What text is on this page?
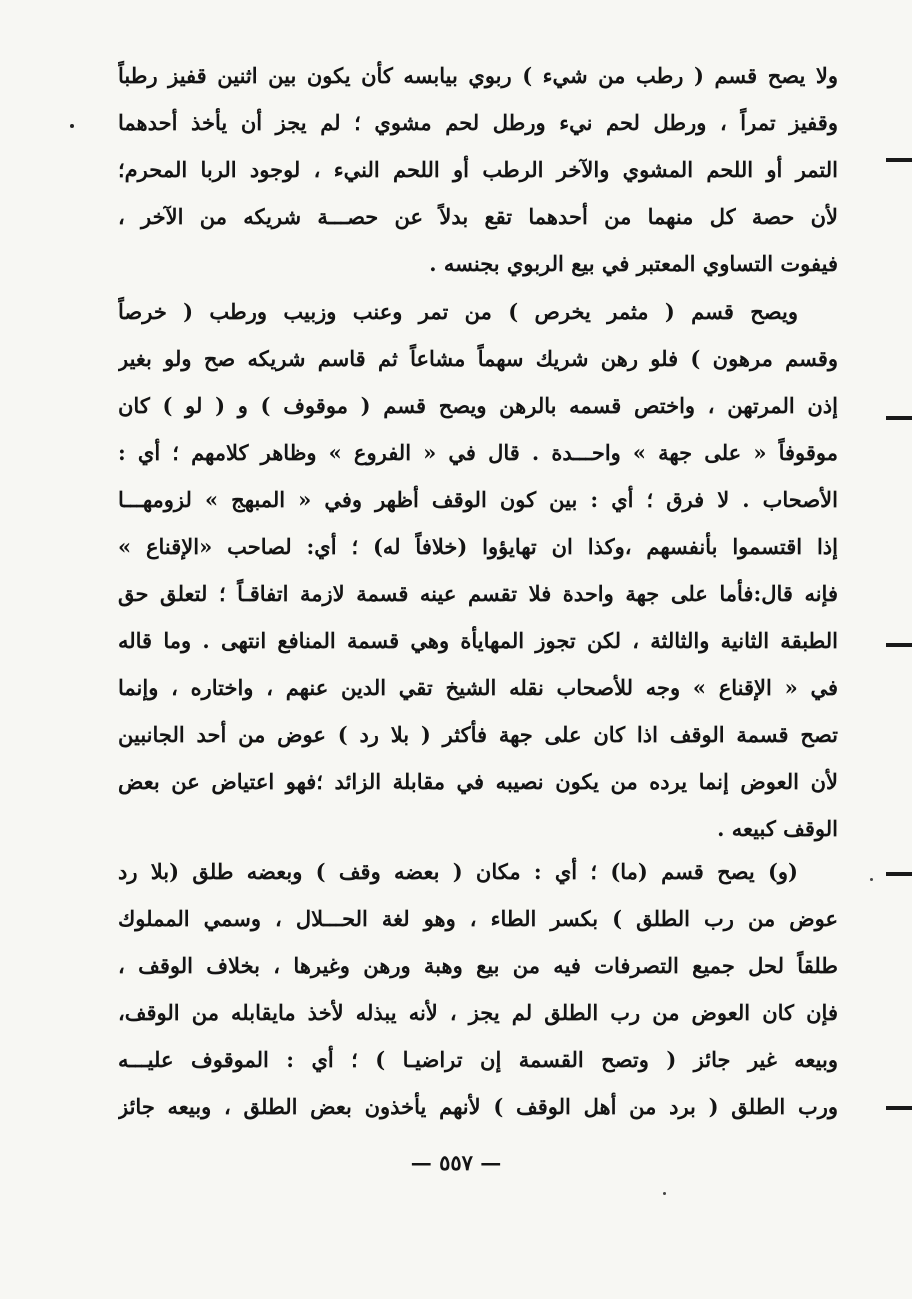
ولا يصح قسم ( رطب من شيء ) ربوي بيابسه كأن يكون بين اثنين قفيز رطباً
وقفيز تمراً ، ورطل لحم نيء ورطل لحم مشوي ؛ لم يجز أن يأخذ أحدهما
التمر أو اللحم المشوي والآخر الرطب أو اللحم النيء ، لوجود الربا المحرم؛
لأن حصة كل منهما من أحدهما تقع بدلاً عن حصـــة شريكه من الآخر ،
فيفوت التساوي المعتبر في بيع الربوي بجنسه .
ويصح قسم ( مثمر يخرص ) من تمر وعنب وزبيب ورطب ( خرصاً
وقسم مرهون ) فلو رهن شريك سهماً مشاعاً ثم قاسم شريكه صح ولو بغير
إذن المرتهن ، واختص قسمه بالرهن ويصح قسم ( موقوف ) و ( لو ) كان
موقوفاً « على جهة » واحـــدة . قال في « الفروع » وظاهر كلامهم ؛ أي :
الأصحاب . لا فرق ؛ أي : بين كون الوقف أظهر وفي « المبهج » لزومهـــا
إذا اقتسموا بأنفسهم ،وكذا ان تهايؤوا (خلافاً له) ؛ أي: لصاحب «الإقناع »
فإنه قال:فأما على جهة واحدة فلا تقسم عينه قسمة لازمة اتفاقـاً ؛ لتعلق حق
الطبقة الثانية والثالثة ، لكن تجوز المهايأة وهي قسمة المنافع انتهى . وما قاله
في « الإقناع » وجه للأصحاب نقله الشيخ تقي الدين عنهم ، واختاره ، وإنما
تصح قسمة الوقف اذا كان على جهة فأكثر ( بلا رد ) عوض من أحد الجانبين
لأن العوض إنما يرده من يكون نصيبه في مقابلة الزائد ؛فهو اعتياض عن بعض
الوقف كبيعه .
(و) يصح قسم (ما) ؛ أي : مكان ( بعضه وقف ) وبعضه طلق (بلا رد
عوض من رب الطلق ) بكسر الطاء ، وهو لغة الحـــلال ، وسمي المملوك
طلقاً لحل جميع التصرفات فيه من بيع وهبة ورهن وغيرها ، بخلاف الوقف ،
فإن كان العوض من رب الطلق لم يجز ، لأنه يبذله لأخذ مايقابله من الوقف،
وبيعه غير جائز ( وتصح القسمة إن تراضيـا ) ؛ أي : الموقوف عليـــه
ورب الطلق ( برد من أهل الوقف ) لأنهم يأخذون بعض الطلق ، وبيعه جائز
— ٥٥٧ —
